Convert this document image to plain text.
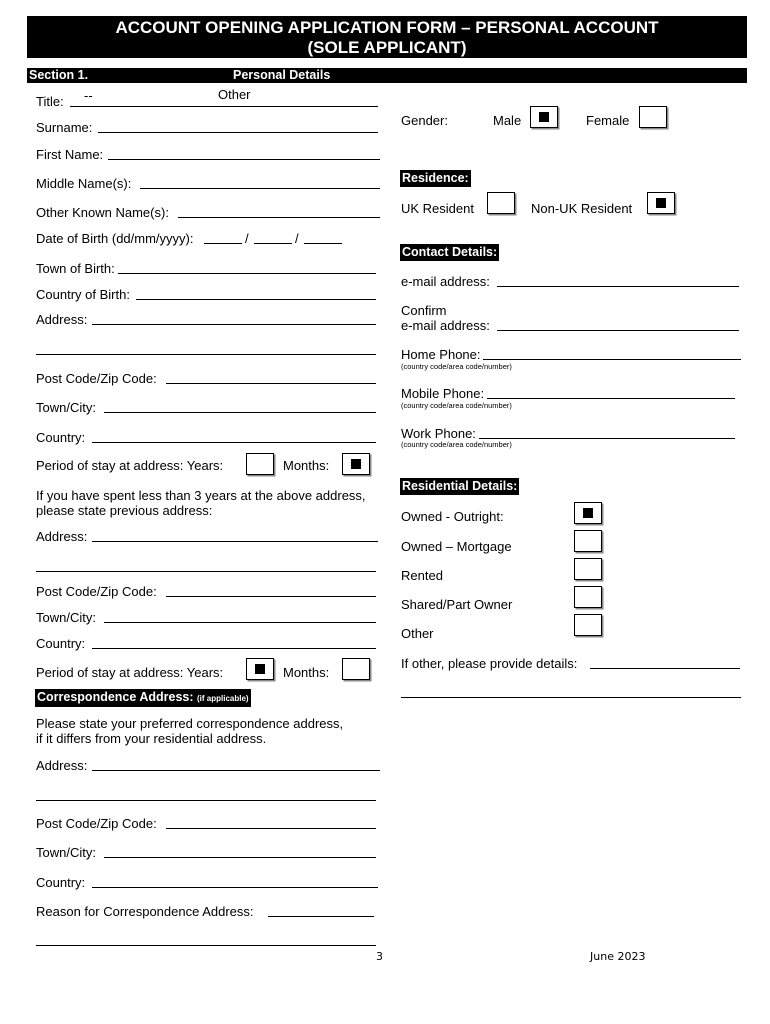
ACCOUNT OPENING APPLICATION FORM – PERSONAL ACCOUNT
(SOLE APPLICANT)
Section 1.	Personal Details
Title: --	Other
Surname:
First Name:
Middle Name(s):
Other Known Name(s):
Date of Birth (dd/mm/yyyy):	/	/
Town of Birth:
Country of Birth:
Address:
Post Code/Zip Code:
Town/City:
Country:
Period of stay at address: Years:	Months:
If you have spent less than 3 years at the above address,
please state previous address:
Address:
Post Code/Zip Code:
Town/City:
Country:
Period of stay at address: Years:	Months:
Correspondence Address: (if applicable)
Please state your preferred correspondence address,
if it differs from your residential address.
Address:
Post Code/Zip Code:
Town/City:
Country:
Reason for Correspondence Address:
Gender:	Male	Female
Residence:
UK Resident	Non-UK Resident
Contact Details:
e-mail address:
Confirm
e-mail address:
Home Phone:
(country code/area code/number)
Mobile Phone:
(country code/area code/number)
Work Phone:
(country code/area code/number)
Residential Details:
Owned - Outright:
Owned – Mortgage
Rented
Shared/Part Owner
Other
If other, please provide details:
3	June 2023
